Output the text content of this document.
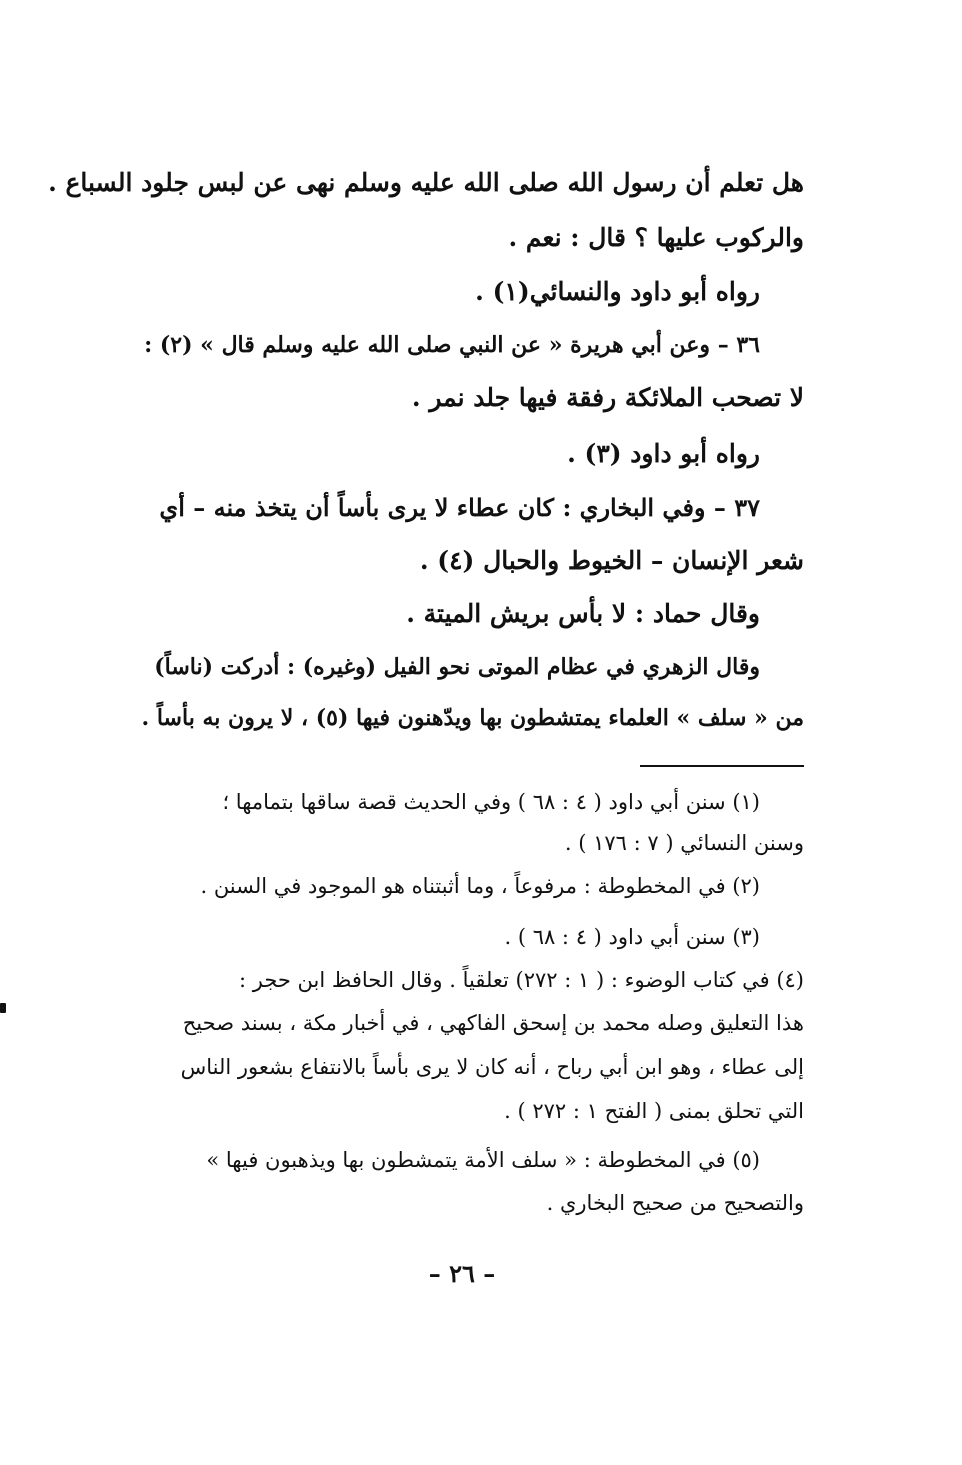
هل تعلم أن رسول الله صلى الله عليه وسلم نهى عن لبس جلود السباع .
والركوب عليها ؟ قال : نعم .
رواه أبو داود والنسائي(١) .
٣٦ – وعن أبي هريرة « عن النبي صلى الله عليه وسلم قال » (٢) :
لا تصحب الملائكة رفقة فيها جلد نمر .
رواه أبو داود (٣) .
٣٧ – وفي البخاري : كان عطاء لا يرى بأساً أن يتخذ منه – أي
شعر الإنسان – الخيوط والحبال (٤) .
وقال حماد : لا بأس بريش الميتة .
وقال الزهري في عظام الموتى نحو الفيل (وغيره) : أدركت (ناساً)
من « سلف » العلماء يمتشطون بها ويدّهنون فيها (٥) ، لا يرون به بأساً .
(١) سنن أبي داود ( ٤ : ٦٨ ) وفي الحديث قصة ساقها بتمامها ؛
وسنن النسائي ( ٧ : ١٧٦ ) .
(٢) في المخطوطة : مرفوعاً ، وما أثبتناه هو الموجود في السنن .
(٣) سنن أبي داود ( ٤ : ٦٨ ) .
(٤) في كتاب الوضوء : ( ١ : ٢٧٢) تعلقياً . وقال الحافظ ابن حجر :
هذا التعليق وصله محمد بن إسحق الفاكهي ، في أخبار مكة ، بسند صحيح
إلى عطاء ، وهو ابن أبي رباح ، أنه كان لا يرى بأساً بالانتفاع بشعور الناس
التي تحلق بمنى ( الفتح ١ : ٢٧٢ ) .
(٥) في المخطوطة : « سلف الأمة يتمشطون بها ويذهبون فيها »
والتصحيح من صحيح البخاري .
– ٢٦ –
